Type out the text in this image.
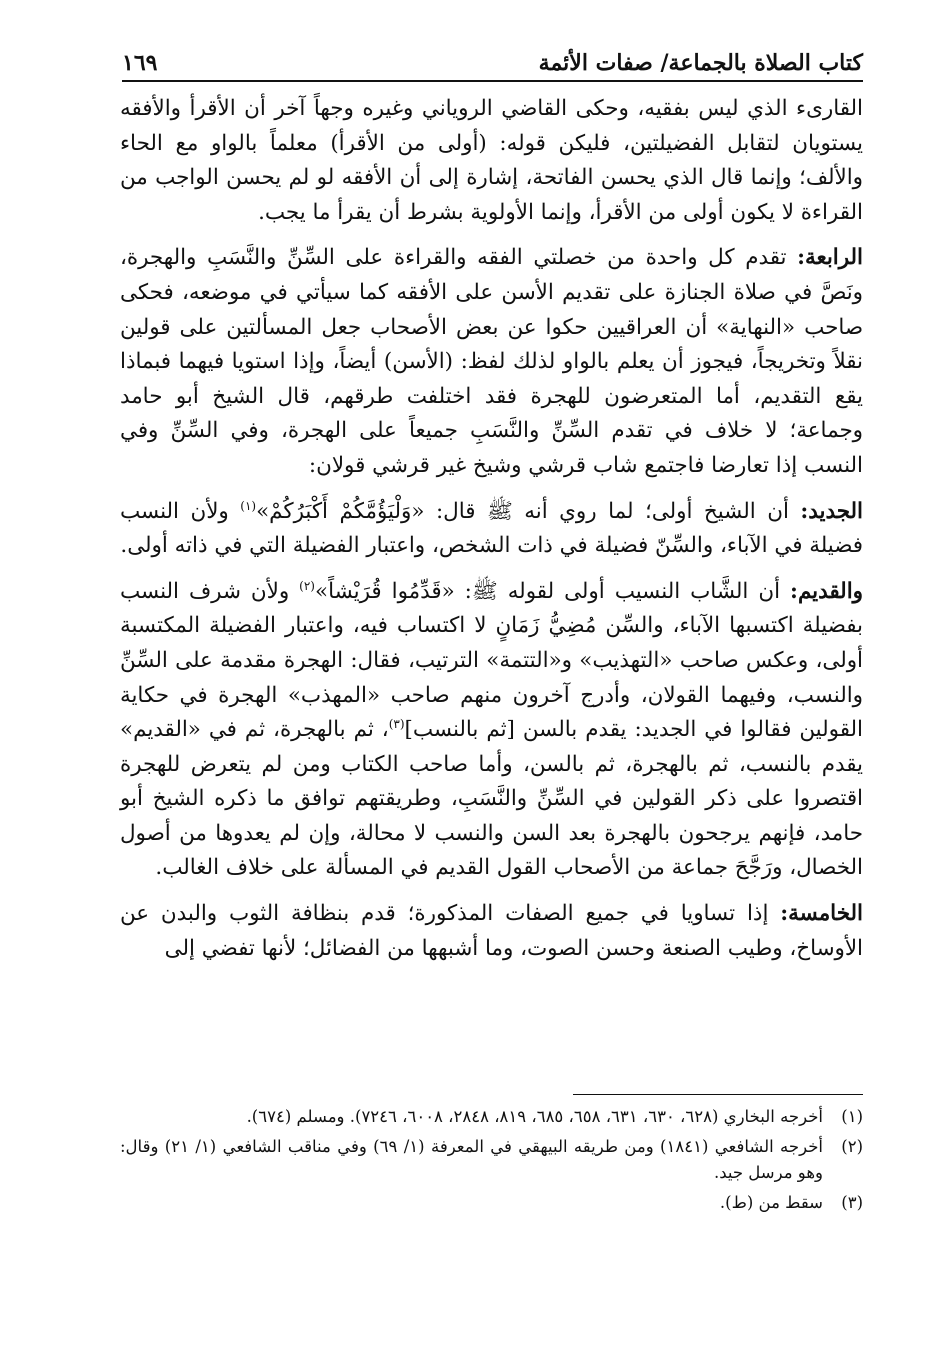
كتاب الصلاة بالجماعة/ صفات الأئمة
١٦٩

القارىء الذي ليس بفقيه، وحكى القاضي الروياني وغيره وجهاً آخر أن الأقرأ والأفقه يستويان لتقابل الفضيلتين، فليكن قوله: (أولى من الأقرأ) معلماً بالواو مع الحاء والألف؛ وإنما قال الذي يحسن الفاتحة، إشارة إلى أن الأفقه لو لم يحسن الواجب من القراءة لا يكون أولى من الأقرأ، وإنما الأولوية بشرط أن يقرأ ما يجب.

الرابعة: تقدم كل واحدة من خصلتي الفقه والقراءة على السِّنِّ والنَّسَبِ والهجرة، ونَصَّ في صلاة الجنازة على تقديم الأسن على الأفقه كما سيأتي في موضعه، فحكى صاحب «النهاية» أن العراقيين حكوا عن بعض الأصحاب جعل المسألتين على قولين نقلاً وتخريجاً، فيجوز أن يعلم بالواو لذلك لفظ: (الأسن) أيضاً، وإذا استويا فيهما فبماذا يقع التقديم، أما المتعرضون للهجرة فقد اختلفت طرقهم، قال الشيخ أبو حامد وجماعة؛ لا خلاف في تقدم السِّنِّ والنَّسَبِ جميعاً على الهجرة، وفي السِّنِّ وفي النسب إذا تعارضا فاجتمع شاب قرشي وشيخ غير قرشي قولان:

الجديد: أن الشيخ أولى؛ لما روي أنه ﷺ قال: «وَلْيَؤُمَّكُمْ أَكْبَرُكُمْ»$^{(١)}$ ولأن النسب فضيلة في الآباء، والسِّنّ فضيلة في ذات الشخص، واعتبار الفضيلة التي في ذاته أولى.

والقديم: أن الشَّاب النسيب أولى لقوله ﷺ: «قَدِّمُوا قُرَيْشاً»$^{(٢)}$ ولأن شرف النسب بفضيلة اكتسبها الآباء، والسِّن مُضِيُّ زَمَانٍ لا اكتساب فيه، واعتبار الفضيلة المكتسبة أولى، وعكس صاحب «التهذيب» و«التتمة» الترتيب، فقال: الهجرة مقدمة على السِّنِّ والنسب، وفيهما القولان، وأدرج آخرون منهم صاحب «المهذب» الهجرة في حكاية القولين فقالوا في الجديد: يقدم بالسن [ثم بالنسب]$^{(٣)}$، ثم بالهجرة، ثم في «القديم» يقدم بالنسب، ثم بالهجرة، ثم بالسن، وأما صاحب الكتاب ومن لم يتعرض للهجرة اقتصروا على ذكر القولين في السِّنِّ والنَّسَبِ، وطريقتهم توافق ما ذكره الشيخ أبو حامد، فإنهم يرجحون بالهجرة بعد السن والنسب لا محالة، وإن لم يعدوها من أصول الخصال، ورَجَّحَ جماعة من الأصحاب القول القديم في المسألة على خلاف الغالب.

الخامسة: إذا تساويا في جميع الصفات المذكورة؛ قدم بنظافة الثوب والبدن عن الأوساخ، وطيب الصنعة وحسن الصوت، وما أشبهها من الفضائل؛ لأنها تفضي إلى

(١)
أخرجه البخاري (٦٢٨، ٦٣٠، ٦٣١، ٦٥٨، ٦٨٥، ٨١٩، ٢٨٤٨، ٦٠٠٨، ٧٢٤٦). ومسلم (٦٧٤).
(٢)
أخرجه الشافعي (١٨٤١) ومن طريقه البيهقي في المعرفة (١/ ٦٩) وفي مناقب الشافعي (١/ ٢١) وقال: وهو مرسل جيد.
(٣)
سقط من (ط).
